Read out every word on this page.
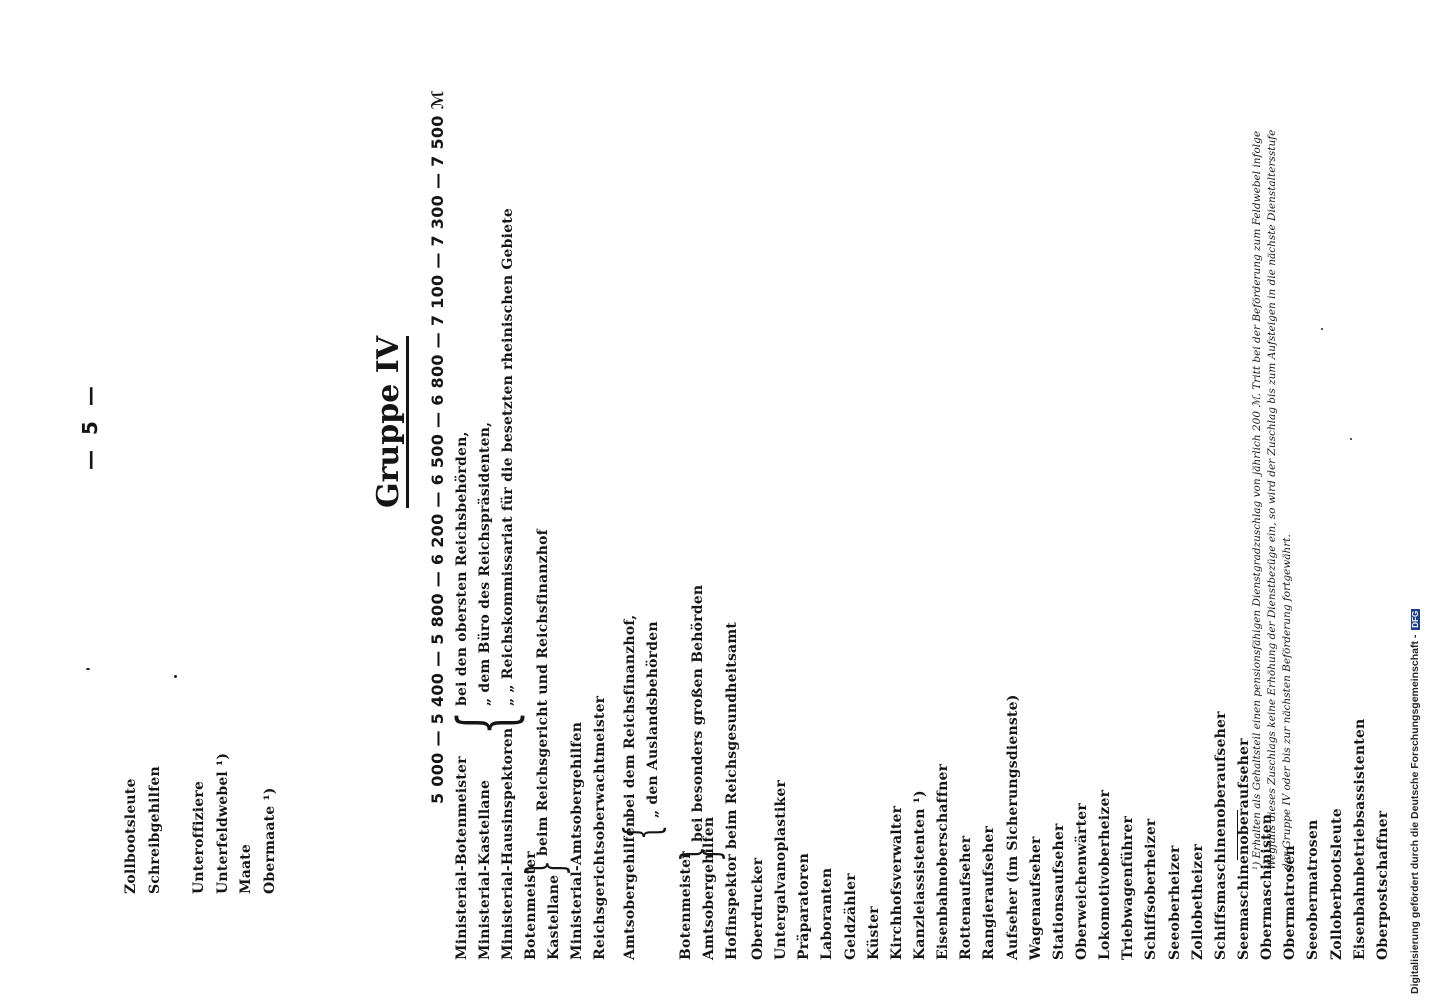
Zollbootsleute Schreibgehilfen
— 5 —
Unteroffiziere Unterfeldwebel ¹) Maate Obermaate ¹)	¹) Erhalten als Gehaltsteil einen pensionsfähigen Dienstgradzuschlag von jährlich 200 ℳ. Tritt bei der Beförderung zum Feldwebel infolge Wegfalls dieses Zuschlags keine Erhöhung der Dienstbezüge ein, so wird der Zuschlag bis zum Aufsteigen in die nächste Dienstaltersstufe der Gruppe IV oder bis zur nächsten Beförderung fortgewährt.
Gruppe IV 5 000 — 5 400 — 5 800 — 6 200 — 6 500 — 6 800 — 7 100 — 7 300 — 7 500 ℳ
Ministerial-Botenmeister Ministerial-Kastellane Ministerial-Hausinspektoren
{
bei den obersten Reichsbehörden, „ dem Büro des Reichspräsidenten, „ „ Reichskommissariat für die besetzten rheinischen Gebiete
Botenmeister Kastellane
}
beim Reichsgericht und Reichsfinanzhof Ministerial-Amtsobergehilfen Reichsgerichtsoberwachtmeister Amtsobergehilfen
{
bei dem Reichsfinanzhof, „ den Auslandsbehörden
Botenmeister Amtsobergehilfen
}
bei besonders großen Behörden Hofinspektor beim Reichsgesundheitsamt Oberdrucker Untergalvanoplastiker Präparatoren Laboranten Geldzähler Küster Kirchhofsverwalter Kanzleiassistenten ¹) Eisenbahnoberschaffner Rottenaufseher Rangieraufseher Aufseher (im Sicherungsdienste) Wagenaufseher Stationsaufseher Oberweichenwärter Lokomotivoberheizer Triebwagenführer Schiffsoberheizer Seeoberheizer Zollobetheizer Schiffsmaschinenoberaufseher Seemaschinenoberaufseher Obermaschinisten Obermatrosen Seeobermatrosen Zolloberbootsleute Eisenbahnbetriebsassistenten Oberpostschaffner	Digitalisierung gefördert durch die Deutsche Forschungsgemeinschaft - DFG
